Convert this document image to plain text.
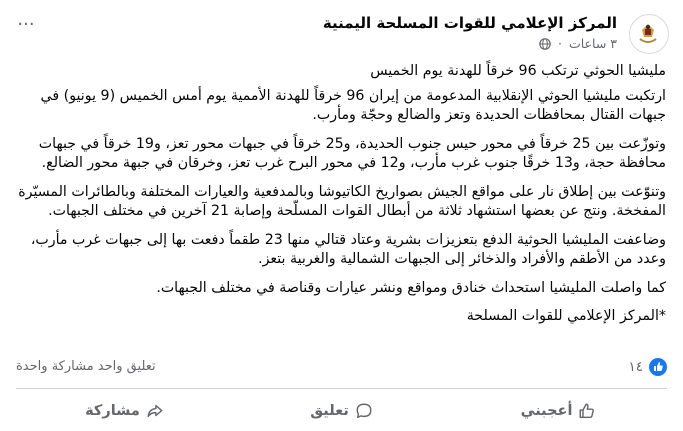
المركز الإعلامي للقوات المسلحة اليمنية
٣ ساعات ·
···

مليشيا الحوثي ترتكب 96 خرقاً للهدنة يوم الخميس

ارتكبت مليشيا الحوثي الإنقلابية المدعومة من إيران 96 خرقاً للهدنة الأممية يوم أمس الخميس (9 يونيو) في جبهات القتال بمحافظات الحديدة وتعز والضالع وحجّة ومأرب.

وتوزّعت بين 25 خرقاً في محور حيس جنوب الحديدة، و25 خرقاً في جبهات محور تعز، و19 خرقاً في جبهات محافظة حجة، و13 خرقًا جنوب غرب مأرب، و12 في محور البرح غرب تعز، وخرقان في جبهة محور الضالع.

وتنوّعت بين إطلاق نار على مواقع الجيش بصواريخ الكاتيوشا وبالمدفعية والعيارات المختلفة وبالطائرات المسيّرة المفخخة. ونتج عن بعضها استشهاد ثلاثة من أبطال القوات المسلّحة وإصابة 21 آخرين في مختلف الجبهات.

وضاعفت المليشيا الحوثية الدفع بتعزيزات بشرية وعتاد قتالي منها 23 طقماً دفعت بها إلى جبهات غرب مأرب، وعدد من الأطقم والأفراد والذخائر إلى الجبهات الشمالية والغربية بتعز.

كما واصلت المليشيا استحداث خنادق ومواقع ونشر عيارات وقناصة في مختلف الجبهات.

*المركز الإعلامي للقوات المسلحة

١٤
تعليق واحد مشاركة واحدة
أعجبني
تعليق
مشاركة
